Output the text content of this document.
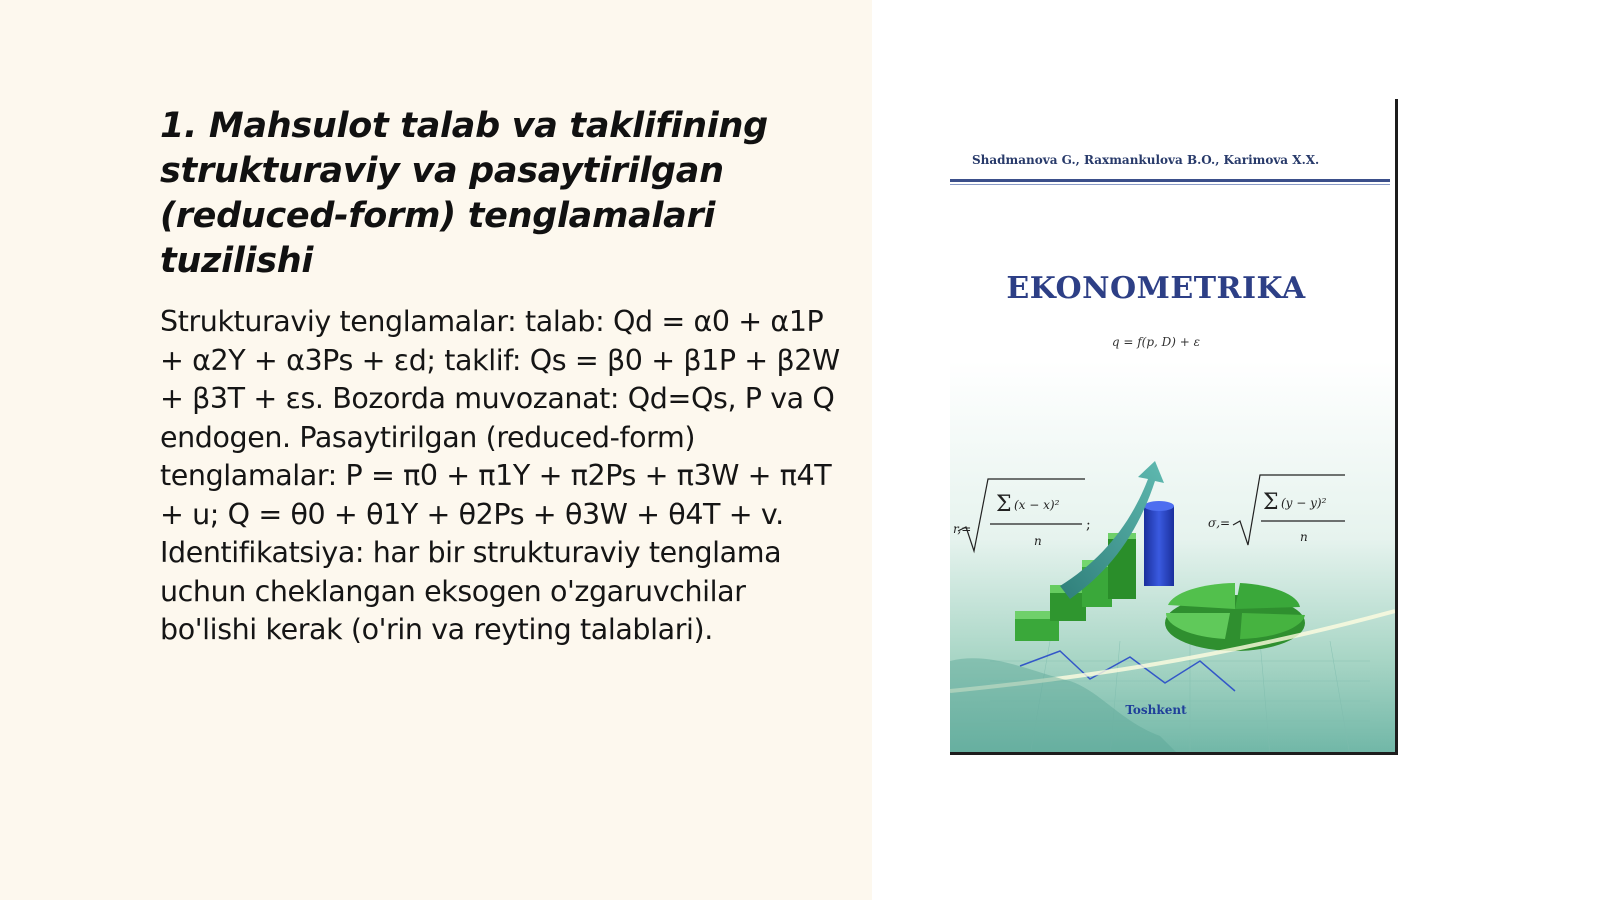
1. Mahsulot talab va taklifining strukturaviy va pasaytirilgan (reduced-form) tenglamalari tuzilishi
Strukturaviy tenglamalar: talab: Qd = α0 + α1P + α2Y + α3Ps + εd; taklif: Qs = β0 + β1P + β2W + β3T + εs. Bozorda muvozanat: Qd=Qs, P va Q endogen. Pasaytirilgan (reduced-form) tenglamalar: P = π0 + π1Y + π2Ps + π3W + π4T + u; Q = θ0 + θ1Y + θ2Ps + θ3W + θ4T + v. Identifikatsiya: har bir strukturaviy tenglama uchun cheklangan eksogen o'zgaruvchilar bo'lishi kerak (o'rin va reyting talablari).
Shadmanova G., Raxmankulova B.O., Karimova X.X.
EKONOMETRIKA
q = f(p, D) + ε
r,=
Σ (x − x)²
n
;	σ,=
Σ (y − y)²
n
Toshkent
